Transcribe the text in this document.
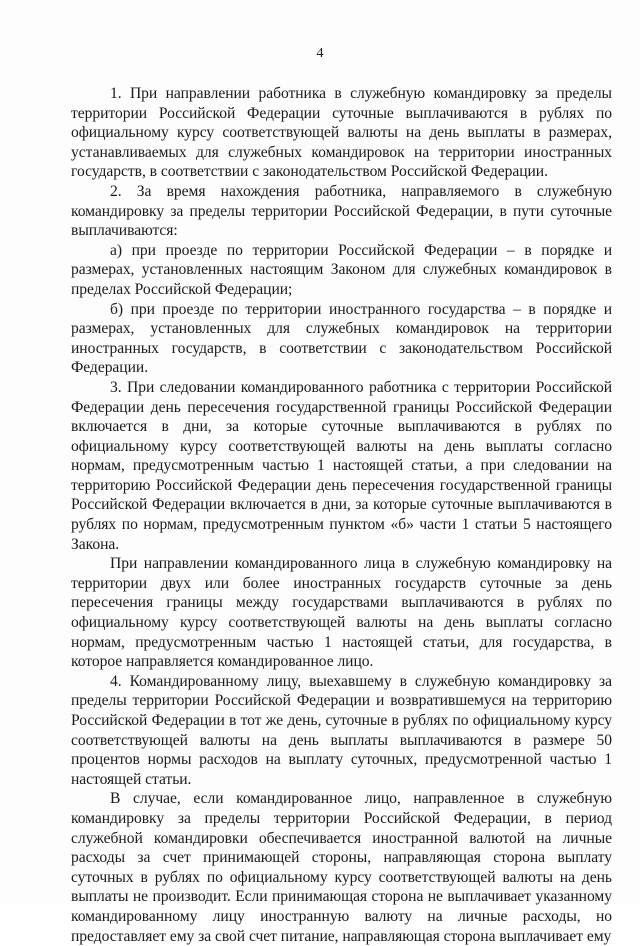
4

1. При направлении работника в служебную командировку за пределы территории Российской Федерации суточные выплачиваются в рублях по официальному курсу соответствующей валюты на день выплаты в размерах, устанавливаемых для служебных командировок на территории иностранных государств, в соответствии с законодательством Российской Федерации.

2. За время нахождения работника, направляемого в служебную командировку за пределы территории Российской Федерации, в пути суточные выплачиваются:

а) при проезде по территории Российской Федерации – в порядке и размерах, установленных настоящим Законом для служебных командировок в пределах Российской Федерации;

б) при проезде по территории иностранного государства – в порядке и размерах, установленных для служебных командировок на территории иностранных государств, в соответствии с законодательством Российской Федерации.

3. При следовании командированного работника с территории Российской Федерации день пересечения государственной границы Российской Федерации включается в дни, за которые суточные выплачиваются в рублях по официальному курсу соответствующей валюты на день выплаты согласно нормам, предусмотренным частью 1 настоящей статьи, а при следовании на территорию Российской Федерации день пересечения государственной границы Российской Федерации включается в дни, за которые суточные выплачиваются в рублях по нормам, предусмотренным пунктом «б» части 1 статьи 5 настоящего Закона.

При направлении командированного лица в служебную командировку на территории двух или более иностранных государств суточные за день пересечения границы между государствами выплачиваются в рублях по официальному курсу соответствующей валюты на день выплаты согласно нормам, предусмотренным частью 1 настоящей статьи, для государства, в которое направляется командированное лицо.

4. Командированному лицу, выехавшему в служебную командировку за пределы территории Российской Федерации и возвратившемуся на территорию Российской Федерации в тот же день, суточные в рублях по официальному курсу соответствующей валюты на день выплаты выплачиваются в размере 50 процентов нормы расходов на выплату суточных, предусмотренной частью 1 настоящей статьи.

В случае, если командированное лицо, направленное в служебную командировку за пределы территории Российской Федерации, в период служебной командировки обеспечивается иностранной валютой на личные расходы за счет принимающей стороны, направляющая сторона выплату суточных в рублях по официальному курсу соответствующей валюты на день выплаты не производит. Если принимающая сторона не выплачивает указанному командированному лицу иностранную валюту на личные расходы, но предоставляет ему за свой счет питание, направляющая сторона выплачивает ему
